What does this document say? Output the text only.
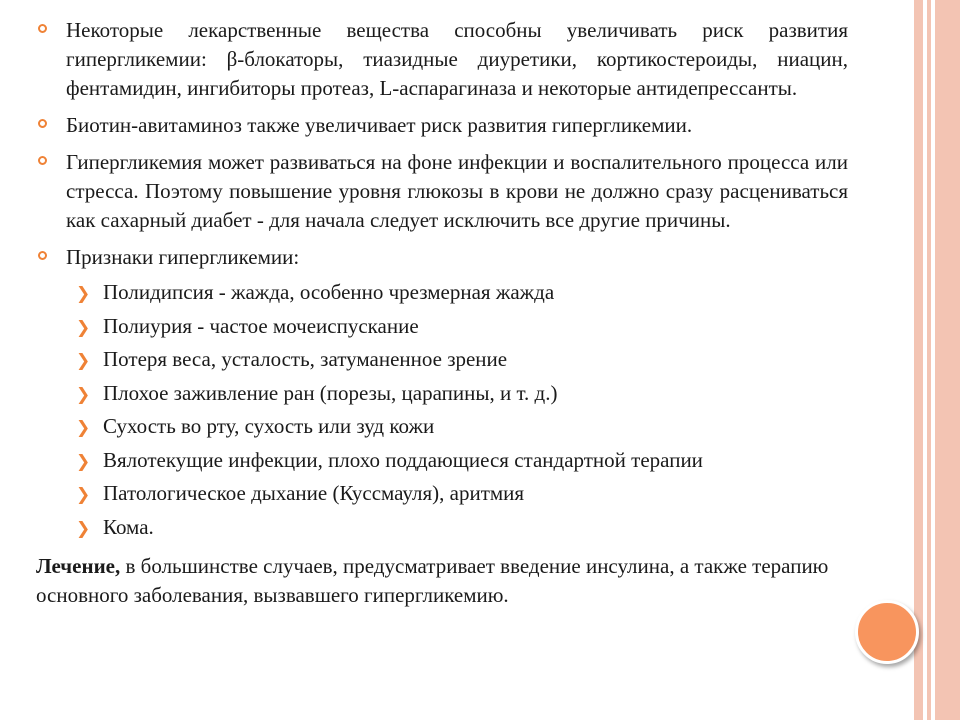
Некоторые лекарственные вещества способны увеличивать риск развития гипергликемии: β-блокаторы, тиазидные диуретики, кортикостероиды, ниацин, фентамидин, ингибиторы протеаз, L-аспарагиназа и некоторые антидепрессанты.
Биотин-авитаминоз также увеличивает риск развития гипергликемии.
Гипергликемия может развиваться на фоне инфекции и воспалительного процесса или стресса. Поэтому повышение уровня глюкозы в крови не должно сразу расцениваться как сахарный диабет - для начала следует исключить все другие причины.
Признаки гипергликемии:
❯ Полидипсия - жажда, особенно чрезмерная жажда
❯ Полиурия - частое мочеиспускание
❯ Потеря веса, усталость, затуманенное зрение
❯ Плохое заживление ран (порезы, царапины, и т. д.)
❯ Сухость во рту, сухость или зуд кожи
❯ Вялотекущие инфекции, плохо поддающиеся стандартной терапии
❯ Патологическое дыхание (Куссмауля), аритмия
❯ Кома.
Лечение, в большинстве случаев, предусматривает введение инсулина, а также терапию основного заболевания, вызвавшего гипергликемию.
